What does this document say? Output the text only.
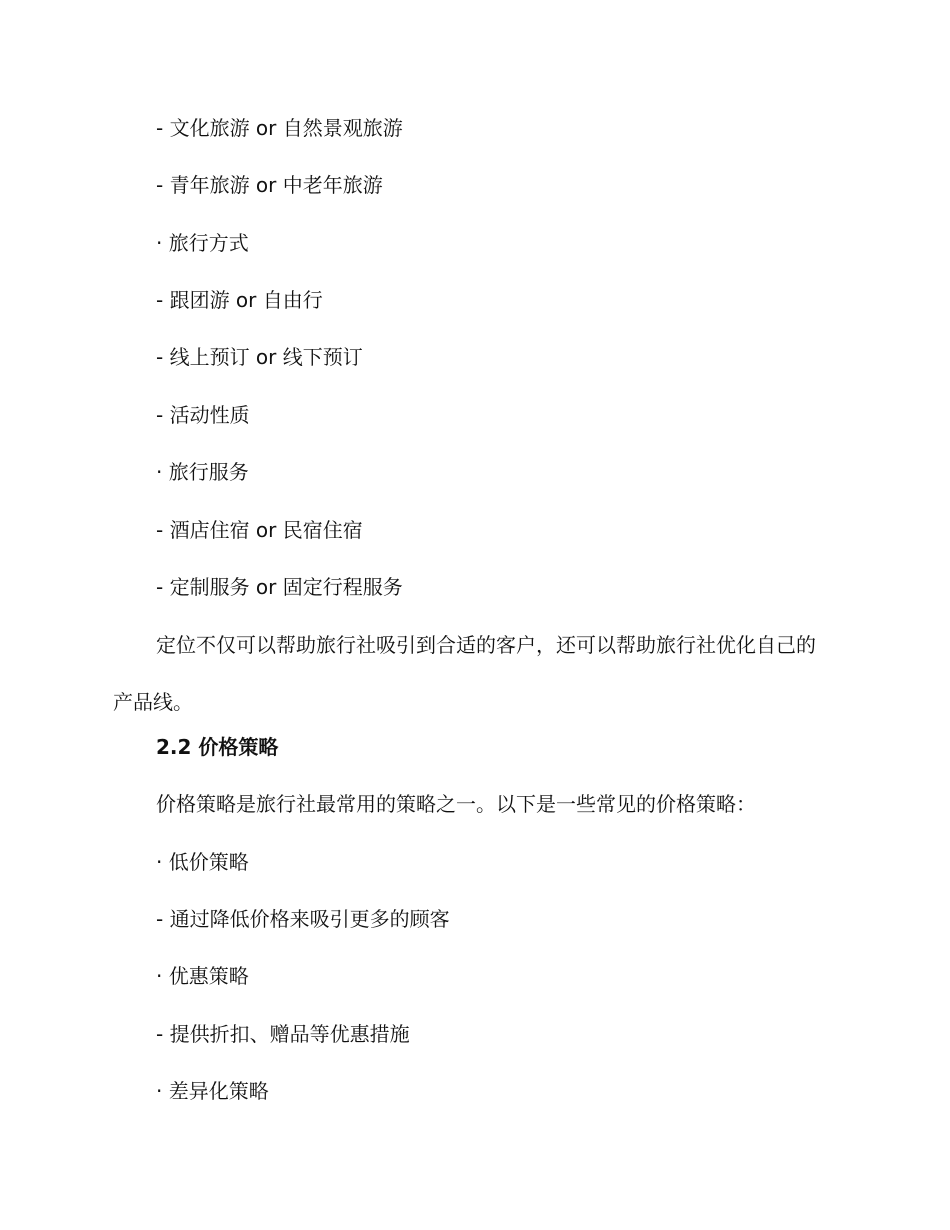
- 文化旅游 or 自然景观旅游
- 青年旅游 or 中老年旅游
· 旅行方式
- 跟团游 or 自由行
- 线上预订 or 线下预订
- 活动性质
· 旅行服务
- 酒店住宿 or 民宿住宿
- 定制服务 or 固定行程服务
定位不仅可以帮助旅行社吸引到合适的客户，还可以帮助旅行社优化自己的产品线。
2.2 价格策略
价格策略是旅行社最常用的策略之一。以下是一些常见的价格策略：
· 低价策略
- 通过降低价格来吸引更多的顾客
· 优惠策略
- 提供折扣、赠品等优惠措施
· 差异化策略
